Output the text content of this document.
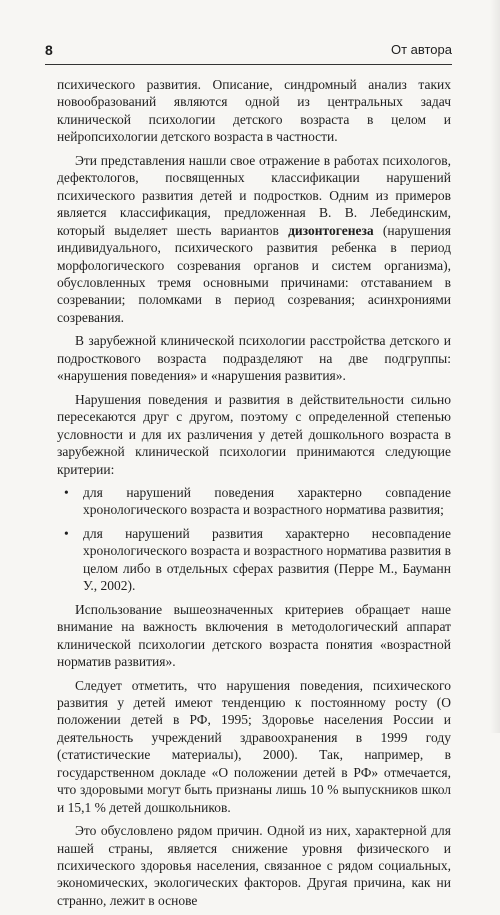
8	От автора

психического развития. Описание, синдромный анализ таких новообразований являются одной из центральных задач клинической психологии детского возраста в целом и нейропсихологии детского возраста в частности.

Эти представления нашли свое отражение в работах психологов, дефектологов, посвященных классификации нарушений психического развития детей и подростков. Одним из примеров является классификация, предложенная В. В. Лебединским, который выделяет шесть вариантов дизонтогенеза (нарушения индивидуального, психического развития ребенка в период морфологического созревания органов и систем организма), обусловленных тремя основными причинами: отставанием в созревании; поломками в период созревания; асинхрониями созревания.

В зарубежной клинической психологии расстройства детского и подросткового возраста подразделяют на две подгруппы: «нарушения поведения» и «нарушения развития».

Нарушения поведения и развития в действительности сильно пересекаются друг с другом, поэтому с определенной степенью условности и для их различения у детей дошкольного возраста в зарубежной клинической психологии принимаются следующие критерии:

• для нарушений поведения характерно совпадение хронологического возраста и возрастного норматива развития;
• для нарушений развития характерно несовпадение хронологического возраста и возрастного норматива развития в целом либо в отдельных сферах развития (Перре М., Бауманн У., 2002).

Использование вышеозначенных критериев обращает наше внимание на важность включения в методологический аппарат клинической психологии детского возраста понятия «возрастной норматив развития».

Следует отметить, что нарушения поведения, психического развития у детей имеют тенденцию к постоянному росту (О положении детей в РФ, 1995; Здоровье населения России и деятельность учреждений здравоохранения в 1999 году (статистические материалы), 2000). Так, например, в государственном докладе «О положении детей в РФ» отмечается, что здоровыми могут быть признаны лишь 10 % выпускников школ и 15,1 % детей дошкольников.

Это обусловлено рядом причин. Одной из них, характерной для нашей страны, является снижение уровня физического и психического здоровья населения, связанное с рядом социальных, экономических, экологических факторов. Другая причина, как ни странно, лежит в основе
